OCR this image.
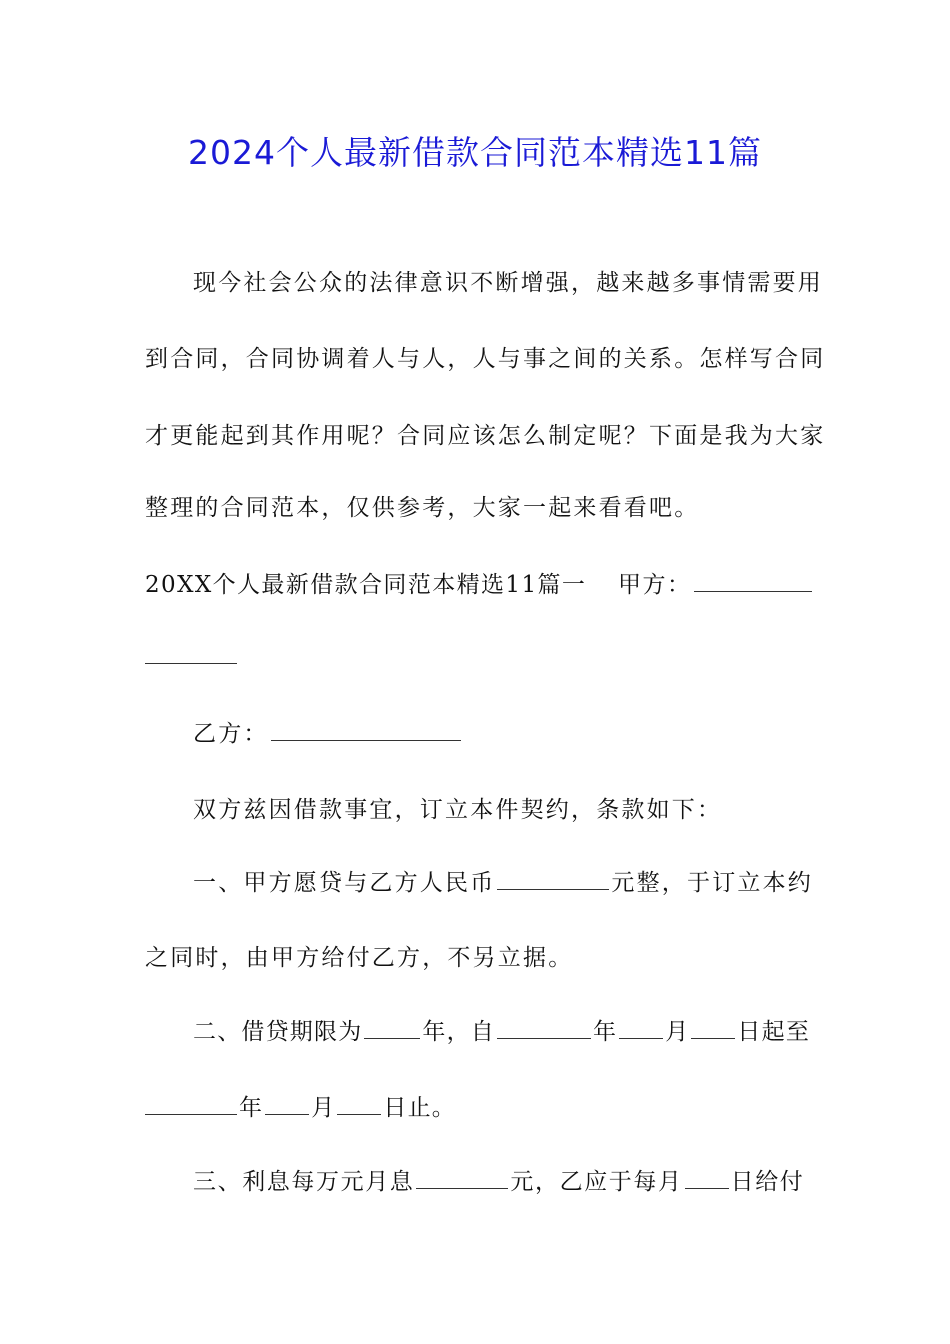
2024个人最新借款合同范本精选11篇

现今社会公众的法律意识不断增强，越来越多事情需要用

到合同，合同协调着人与人，人与事之间的关系。怎样写合同

才更能起到其作用呢？合同应该怎么制定呢？下面是我为大家

整理的合同范本，仅供参考，大家一起来看看吧。

20XX个人最新借款合同范本精选11篇一	甲方：
乙方：

双方兹因借款事宜，订立本件契约，条款如下：

一、甲方愿贷与乙方人民币	元整，于订立本约

之同时，由甲方给付乙方，不另立据。

二、借贷期限为	年，自	年 月 日起至
年 月 日止。
三、利息每万元月息	元，乙应于每月 日给付
